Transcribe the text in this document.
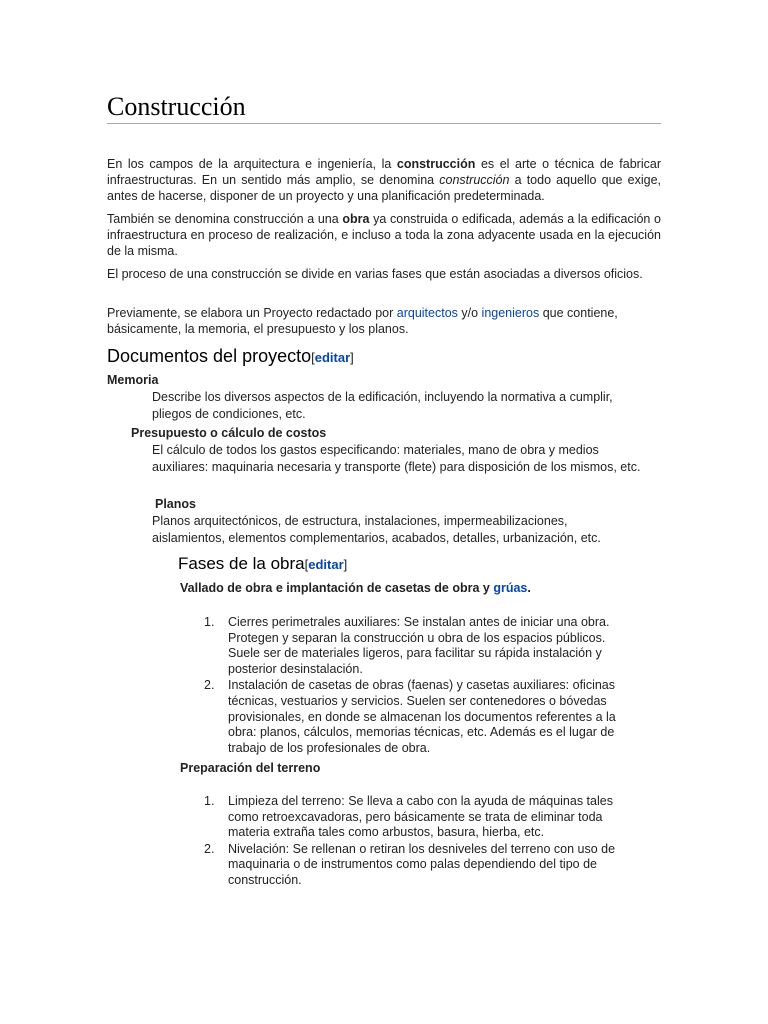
Construcción

En los campos de la arquitectura e ingeniería, la construcción es el arte o técnica de fabricar infraestructuras. En un sentido más amplio, se denomina construcción a todo aquello que exige, antes de hacerse, disponer de un proyecto y una planificación predeterminada.

También se denomina construcción a una obra ya construida o edificada, además a la edificación o infraestructura en proceso de realización, e incluso a toda la zona adyacente usada en la ejecución de la misma.

El proceso de una construcción se divide en varias fases que están asociadas a diversos oficios.

Previamente, se elabora un Proyecto redactado por arquitectos y/o ingenieros que contiene, básicamente, la memoria, el presupuesto y los planos.

Documentos del proyecto[editar]
Memoria
Describe los diversos aspectos de la edificación, incluyendo la normativa a cumplir, pliegos de condiciones, etc.
Presupuesto o cálculo de costos
El cálculo de todos los gastos especificando: materiales, mano de obra y medios auxiliares: maquinaria necesaria y transporte (flete) para disposición de los mismos, etc.
Planos
Planos arquitectónicos, de estructura, instalaciones, impermeabilizaciones, aislamientos, elementos complementarios, acabados, detalles, urbanización, etc.
Fases de la obra[editar]
Vallado de obra e implantación de casetas de obra y grúas.
1. Cierres perimetrales auxiliares: Se instalan antes de iniciar una obra. Protegen y separan la construcción u obra de los espacios públicos. Suele ser de materiales ligeros, para facilitar su rápida instalación y posterior desinstalación.
2. Instalación de casetas de obras (faenas) y casetas auxiliares: oficinas técnicas, vestuarios y servicios. Suelen ser contenedores o bóvedas provisionales, en donde se almacenan los documentos referentes a la obra: planos, cálculos, memorias técnicas, etc. Además es el lugar de trabajo de los profesionales de obra.
Preparación del terreno
1. Limpieza del terreno: Se lleva a cabo con la ayuda de máquinas tales como retroexcavadoras, pero básicamente se trata de eliminar toda materia extraña tales como arbustos, basura, hierba, etc.
2. Nivelación: Se rellenan o retiran los desniveles del terreno con uso de maquinaria o de instrumentos como palas dependiendo del tipo de construcción.
